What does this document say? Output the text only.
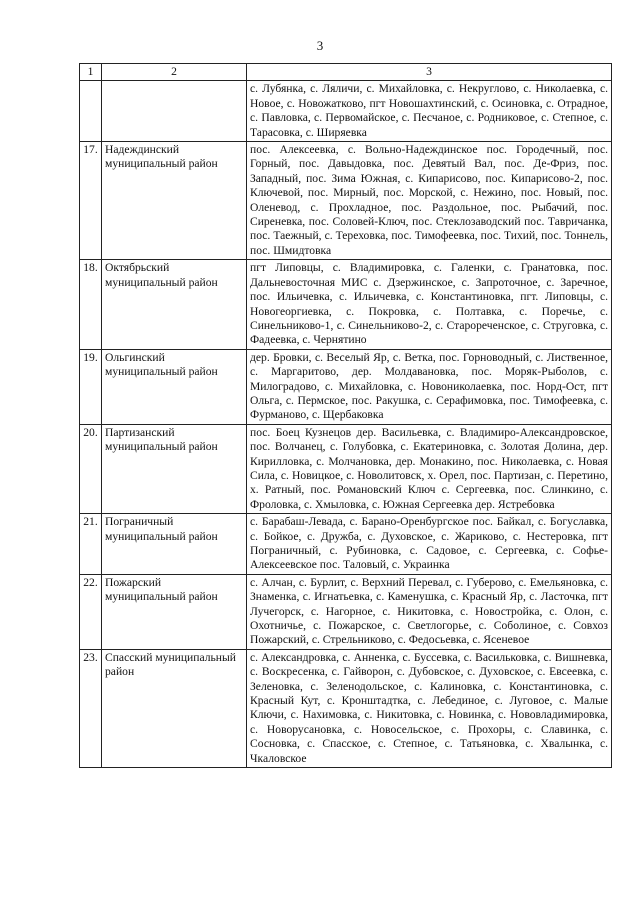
3
1	2	3
		с. Лубянка, с. Ляличи, с. Михайловка, с. Некруглово, с. Николаевка, с. Новое, с. Новожатково, пгт Новошахтинский, с. Осиновка, с. Отрадное, с. Павловка, с. Первомайское, с. Песчаное, с. Родниковое, с. Степное, с. Тарасовка, с. Ширяевка
17.	Надеждинский муниципальный район	пос. Алексеевка, с. Вольно-Надеждинское пос. Городечный, пос. Горный, пос. Давыдовка, пос. Девятый Вал, пос. Де-Фриз, пос. Западный, пос. Зима Южная, с. Кипарисово, пос. Кипарисово-2, пос. Ключевой, пос. Мирный, пос. Морской, с. Нежино, пос. Новый, пос. Оленевод, с. Прохладное, пос. Раздольное, пос. Рыбачий, пос. Сиреневка, пос. Соловей-Ключ, пос. Стеклозаводский пос. Тавричанка, пос. Таежный, с. Тереховка, пос. Тимофеевка, пос. Тихий, пос. Тоннель, пос. Шмидтовка
18.	Октябрьский муниципальный район	пгт Липовцы, с. Владимировка, с. Галенки, с. Гранатовка, пос. Дальневосточная МИС с. Дзержинское, с. Запроточное, с. Заречное, пос. Ильичевка, с. Ильичевка, с. Константиновка, пгт. Липовцы, с. Новогеоргиевка, с. Покровка, с. Полтавка, с. Поречье, с. Синельниково-1, с. Синельниково-2, с. Старореченское, с. Струговка, с. Фадеевка, с. Чернятино
19.	Ольгинский муниципальный район	дер. Бровки, с. Веселый Яр, с. Ветка, пос. Горноводный, с. Лиственное, с. Маргаритово, дер. Молдавановка, пос. Моряк-Рыболов, с. Милоградово, с. Михайловка, с. Новониколаевка, пос. Норд-Ост, пгт Ольга, с. Пермское, пос. Ракушка, с. Серафимовка, пос. Тимофеевка, с. Фурманово, с. Щербаковка
20.	Партизанский муниципальный район	пос. Боец Кузнецов дер. Васильевка, с. Владимиро-Александровское, пос. Волчанец, с. Голубовка, с. Екатериновка, с. Золотая Долина, дер. Кирилловка, с. Молчановка, дер. Монакино, пос. Николаевка, с. Новая Сила, с. Новицкое, с. Новолитовск, х. Орел, пос. Партизан, с. Перетино, х. Ратный, пос. Романовский Ключ с. Сергеевка, пос. Слинкино, с. Фроловка, с. Хмыловка, с. Южная Сергеевка дер. Ястребовка
21.	Пограничный муниципальный район	с. Барабаш-Левада, с. Барано-Оренбургское пос. Байкал, с. Богуславка, с. Бойкое, с. Дружба, с. Духовское, с. Жариково, с. Нестеровка, пгт Пограничный, с. Рубиновка, с. Садовое, с. Сергеевка, с. Софье-Алексеевское пос. Таловый, с. Украинка
22.	Пожарский муниципальный район	с. Алчан, с. Бурлит, с. Верхний Перевал, с. Губерово, с. Емельяновка, с. Знаменка, с. Игнатьевка, с. Каменушка, с. Красный Яр, с. Ласточка, пгт Лучегорск, с. Нагорное, с. Никитовка, с. Новостройка, с. Олон, с. Охотничье, с. Пожарское, с. Светлогорье, с. Соболиное, с. Совхоз Пожарский, с. Стрельниково, с. Федосьевка, с. Ясеневое
23.	Спасский муниципальный район	с. Александровка, с. Анненка, с. Буссевка, с. Васильковка, с. Вишневка, с. Воскресенка, с. Гайворон, с. Дубовское, с. Духовское, с. Евсеевка, с. Зеленовка, с. Зеленодольское, с. Калиновка, с. Константиновка, с. Красный Кут, с. Кронштадтка, с. Лебединое, с. Луговое, с. Малые Ключи, с. Нахимовка, с. Никитовка, с. Новинка, с. Нововладимировка, с. Новорусановка, с. Новосельское, с. Прохоры, с. Славинка, с. Сосновка, с. Спасское, с. Степное, с. Татьяновка, с. Хвалынка, с. Чкаловское
